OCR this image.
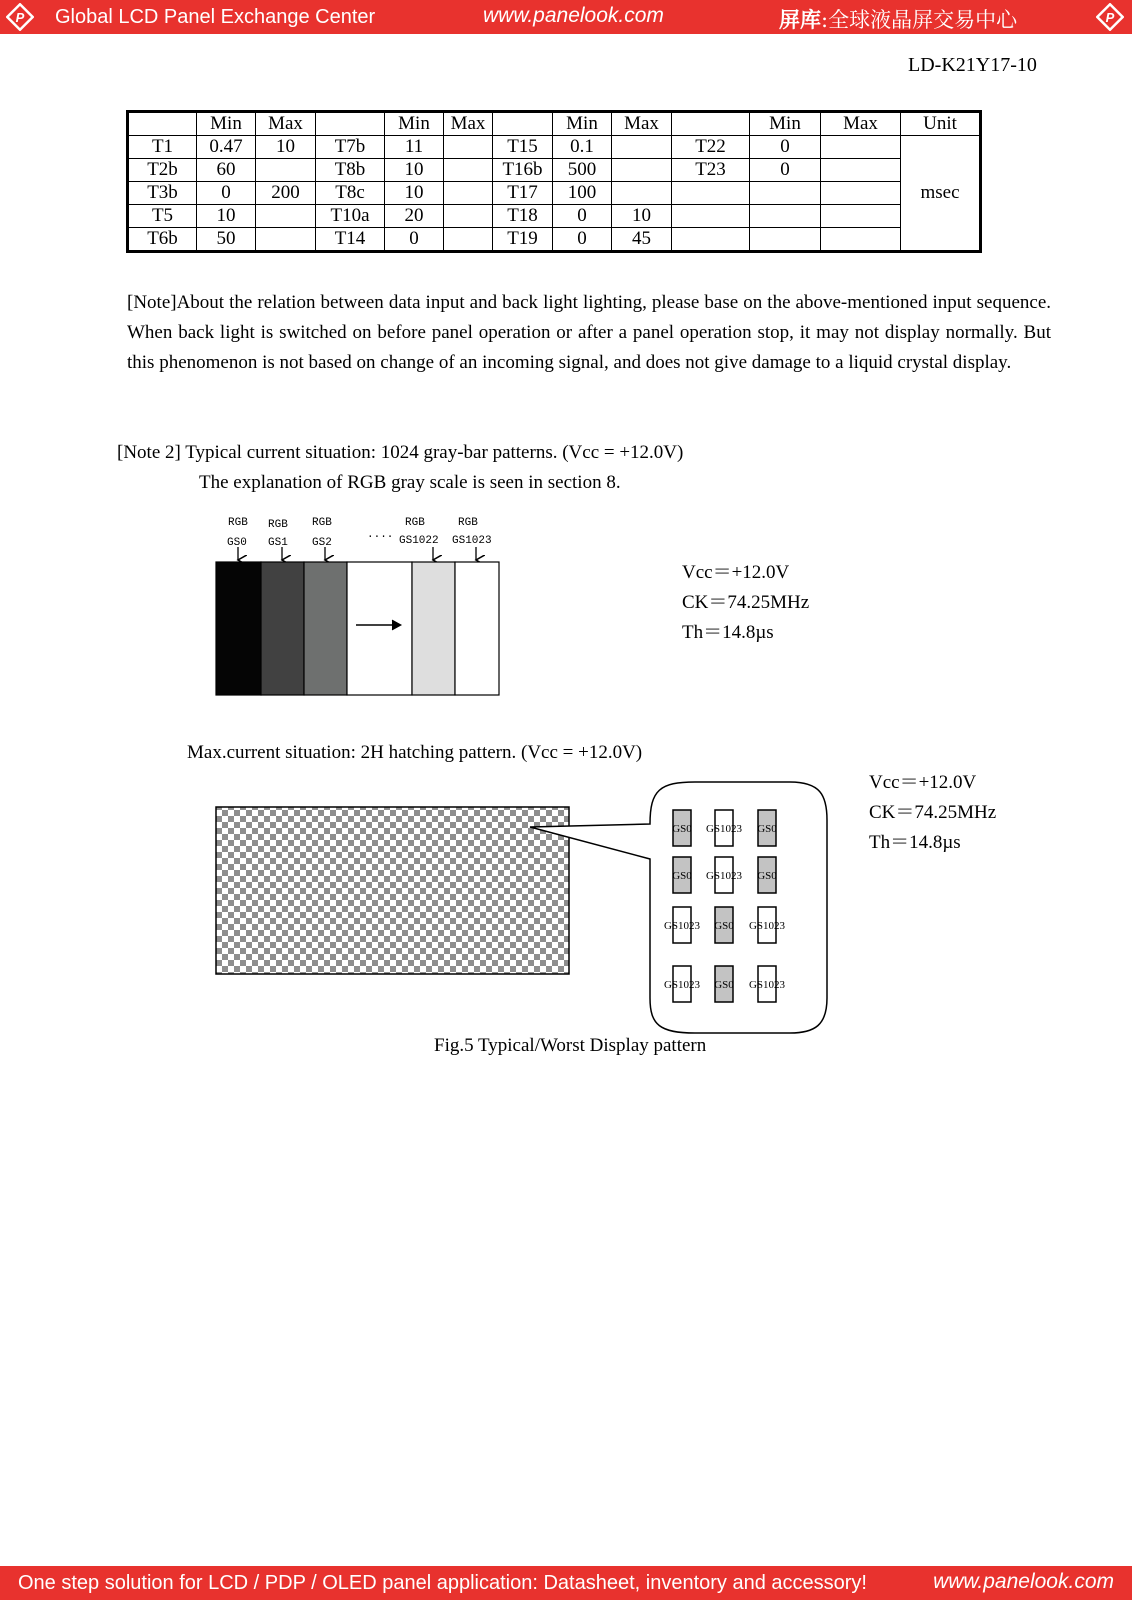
P Global LCD Panel Exchange Center	www.panelook.com	屏库:全球液晶屏交易中心	P
LD-K21Y17-10
	Min	Max		Min	Max		Min	Max		Min	Max	Unit
T1	0.47	10	T7b	11		T15	0.1		T22	0		msec
T2b	60		T8b	10		T16b	500		T23	0		
T3b	0	200	T8c	10		T17	100					
T5	10		T10a	20		T18	0	10				
T6b	50		T14	0		T19	0	45				
[Note]About the relation between data input and back light lighting, please base on the above-mentioned input sequence. When back light is switched on before panel operation or after a panel operation stop, it may not display normally. But this phenomenon is not based on change of an incoming signal, and does not give damage to a liquid crystal display.
[Note 2] Typical current situation: 1024 gray-bar patterns. (Vcc = +12.0V)
The explanation of RGB gray scale is seen in section 8.
RGB RGB RGB	RGB	RGB
GS0 GS1 GS2
.... GS1022 GS1023
GS0 GS1023 GS0
GS0 GS1023 GS0
GS1023 GS0 GS1023
GS1023 GS0 GS1023
Vcc＝+12.0V
CK＝74.25MHz
Th＝14.8µs
Max.current situation: 2H hatching pattern. (Vcc = +12.0V)
Vcc＝+12.0V
CK＝74.25MHz
Th＝14.8µs
Fig.5 Typical/Worst Display pattern
One step solution for LCD / PDP / OLED panel application: Datasheet, inventory and accessory!	www.panelook.com
